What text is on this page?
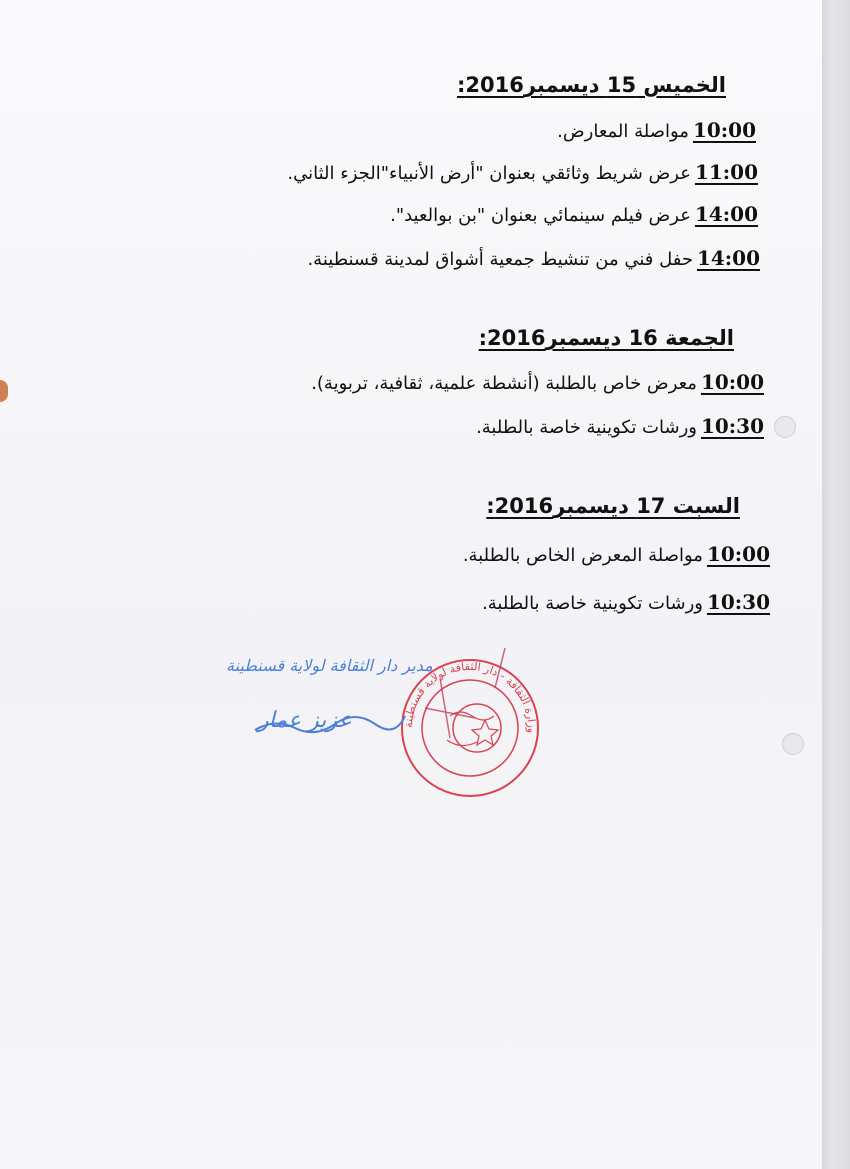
الخميس 15 ديسمبر2016:
10:00مواصلة المعارض.
11:00عرض شريط وثائقي بعنوان "أرض الأنبياء"الجزء الثاني.
14:00عرض فيلم سينمائي بعنوان "بن بوالعيد".
14:00حفل فني من تنشيط جمعية أشواق لمدينة قسنطينة.
الجمعة 16 ديسمبر2016:
10:00معرض خاص بالطلبة (أنشطة علمية، ثقافية، تربوية).
10:30ورشات تكوينية خاصة بالطلبة.
السبت 17 ديسمبر2016:
10:00مواصلة المعرض الخاص بالطلبة.
10:30ورشات تكوينية خاصة بالطلبة.
وزارة الثقافة - دار الثقافة لولاية قسنطينة
مدير دار الثقافة لولاية قسنطينة
عزيز عمار
